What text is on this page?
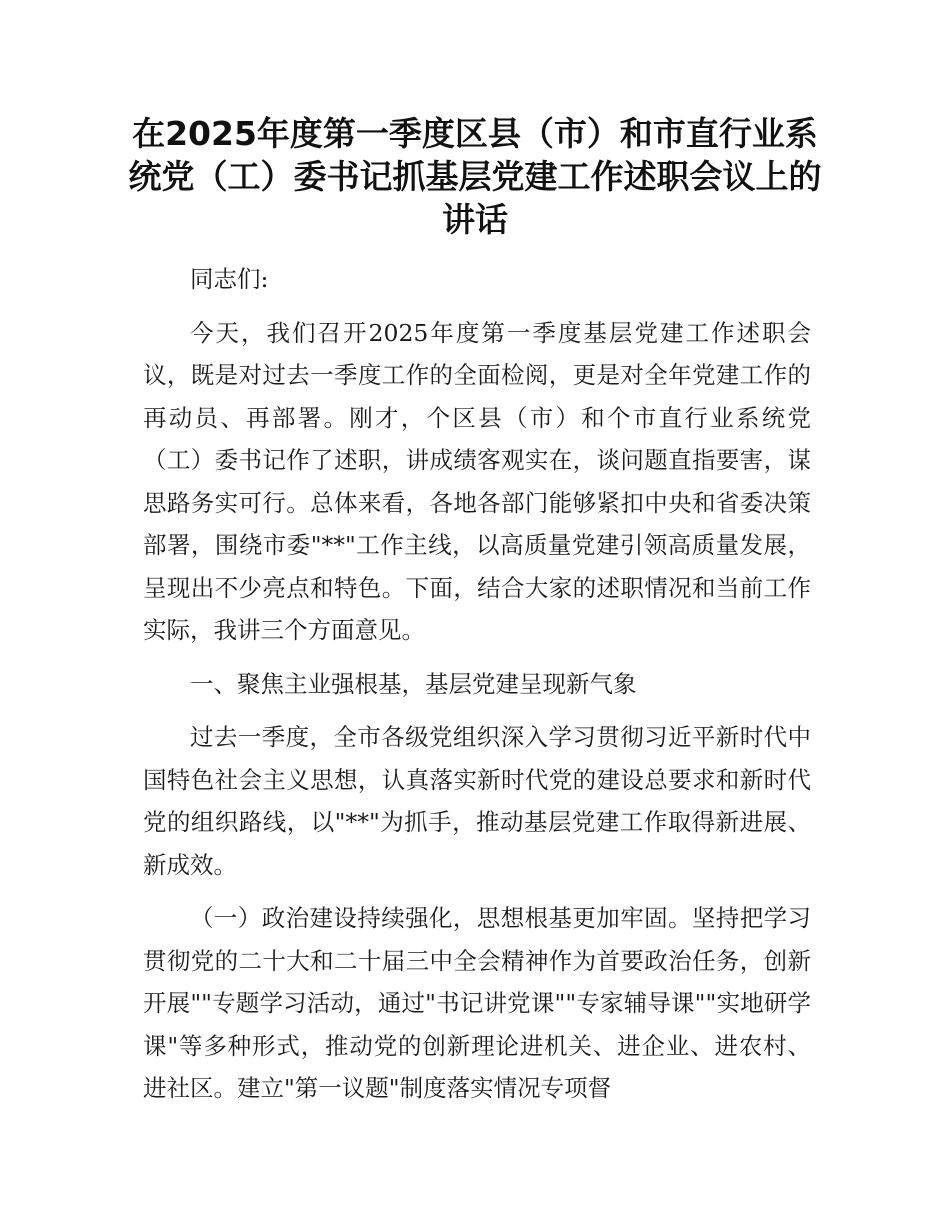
在2025年度第一季度区县（市）和市直行业系统党（工）委书记抓基层党建工作述职会议上的讲话

同志们:

今天，我们召开2025年度第一季度基层党建工作述职会议，既是对过去一季度工作的全面检阅，更是对全年党建工作的再动员、再部署。刚才，个区县（市）和个市直行业系统党（工）委书记作了述职，讲成绩客观实在，谈问题直指要害，谋思路务实可行。总体来看，各地各部门能够紧扣中央和省委决策部署，围绕市委"**"工作主线，以高质量党建引领高质量发展，呈现出不少亮点和特色。下面，结合大家的述职情况和当前工作实际，我讲三个方面意见。

一、聚焦主业强根基，基层党建呈现新气象

过去一季度，全市各级党组织深入学习贯彻习近平新时代中国特色社会主义思想，认真落实新时代党的建设总要求和新时代党的组织路线，以"**"为抓手，推动基层党建工作取得新进展、新成效。

（一）政治建设持续强化，思想根基更加牢固。坚持把学习贯彻党的二十大和二十届三中全会精神作为首要政治任务，创新开展""专题学习活动，通过"书记讲党课""专家辅导课""实地研学课"等多种形式，推动党的创新理论进机关、进企业、进农村、进社区。建立"第一议题"制度落实情况专项督
